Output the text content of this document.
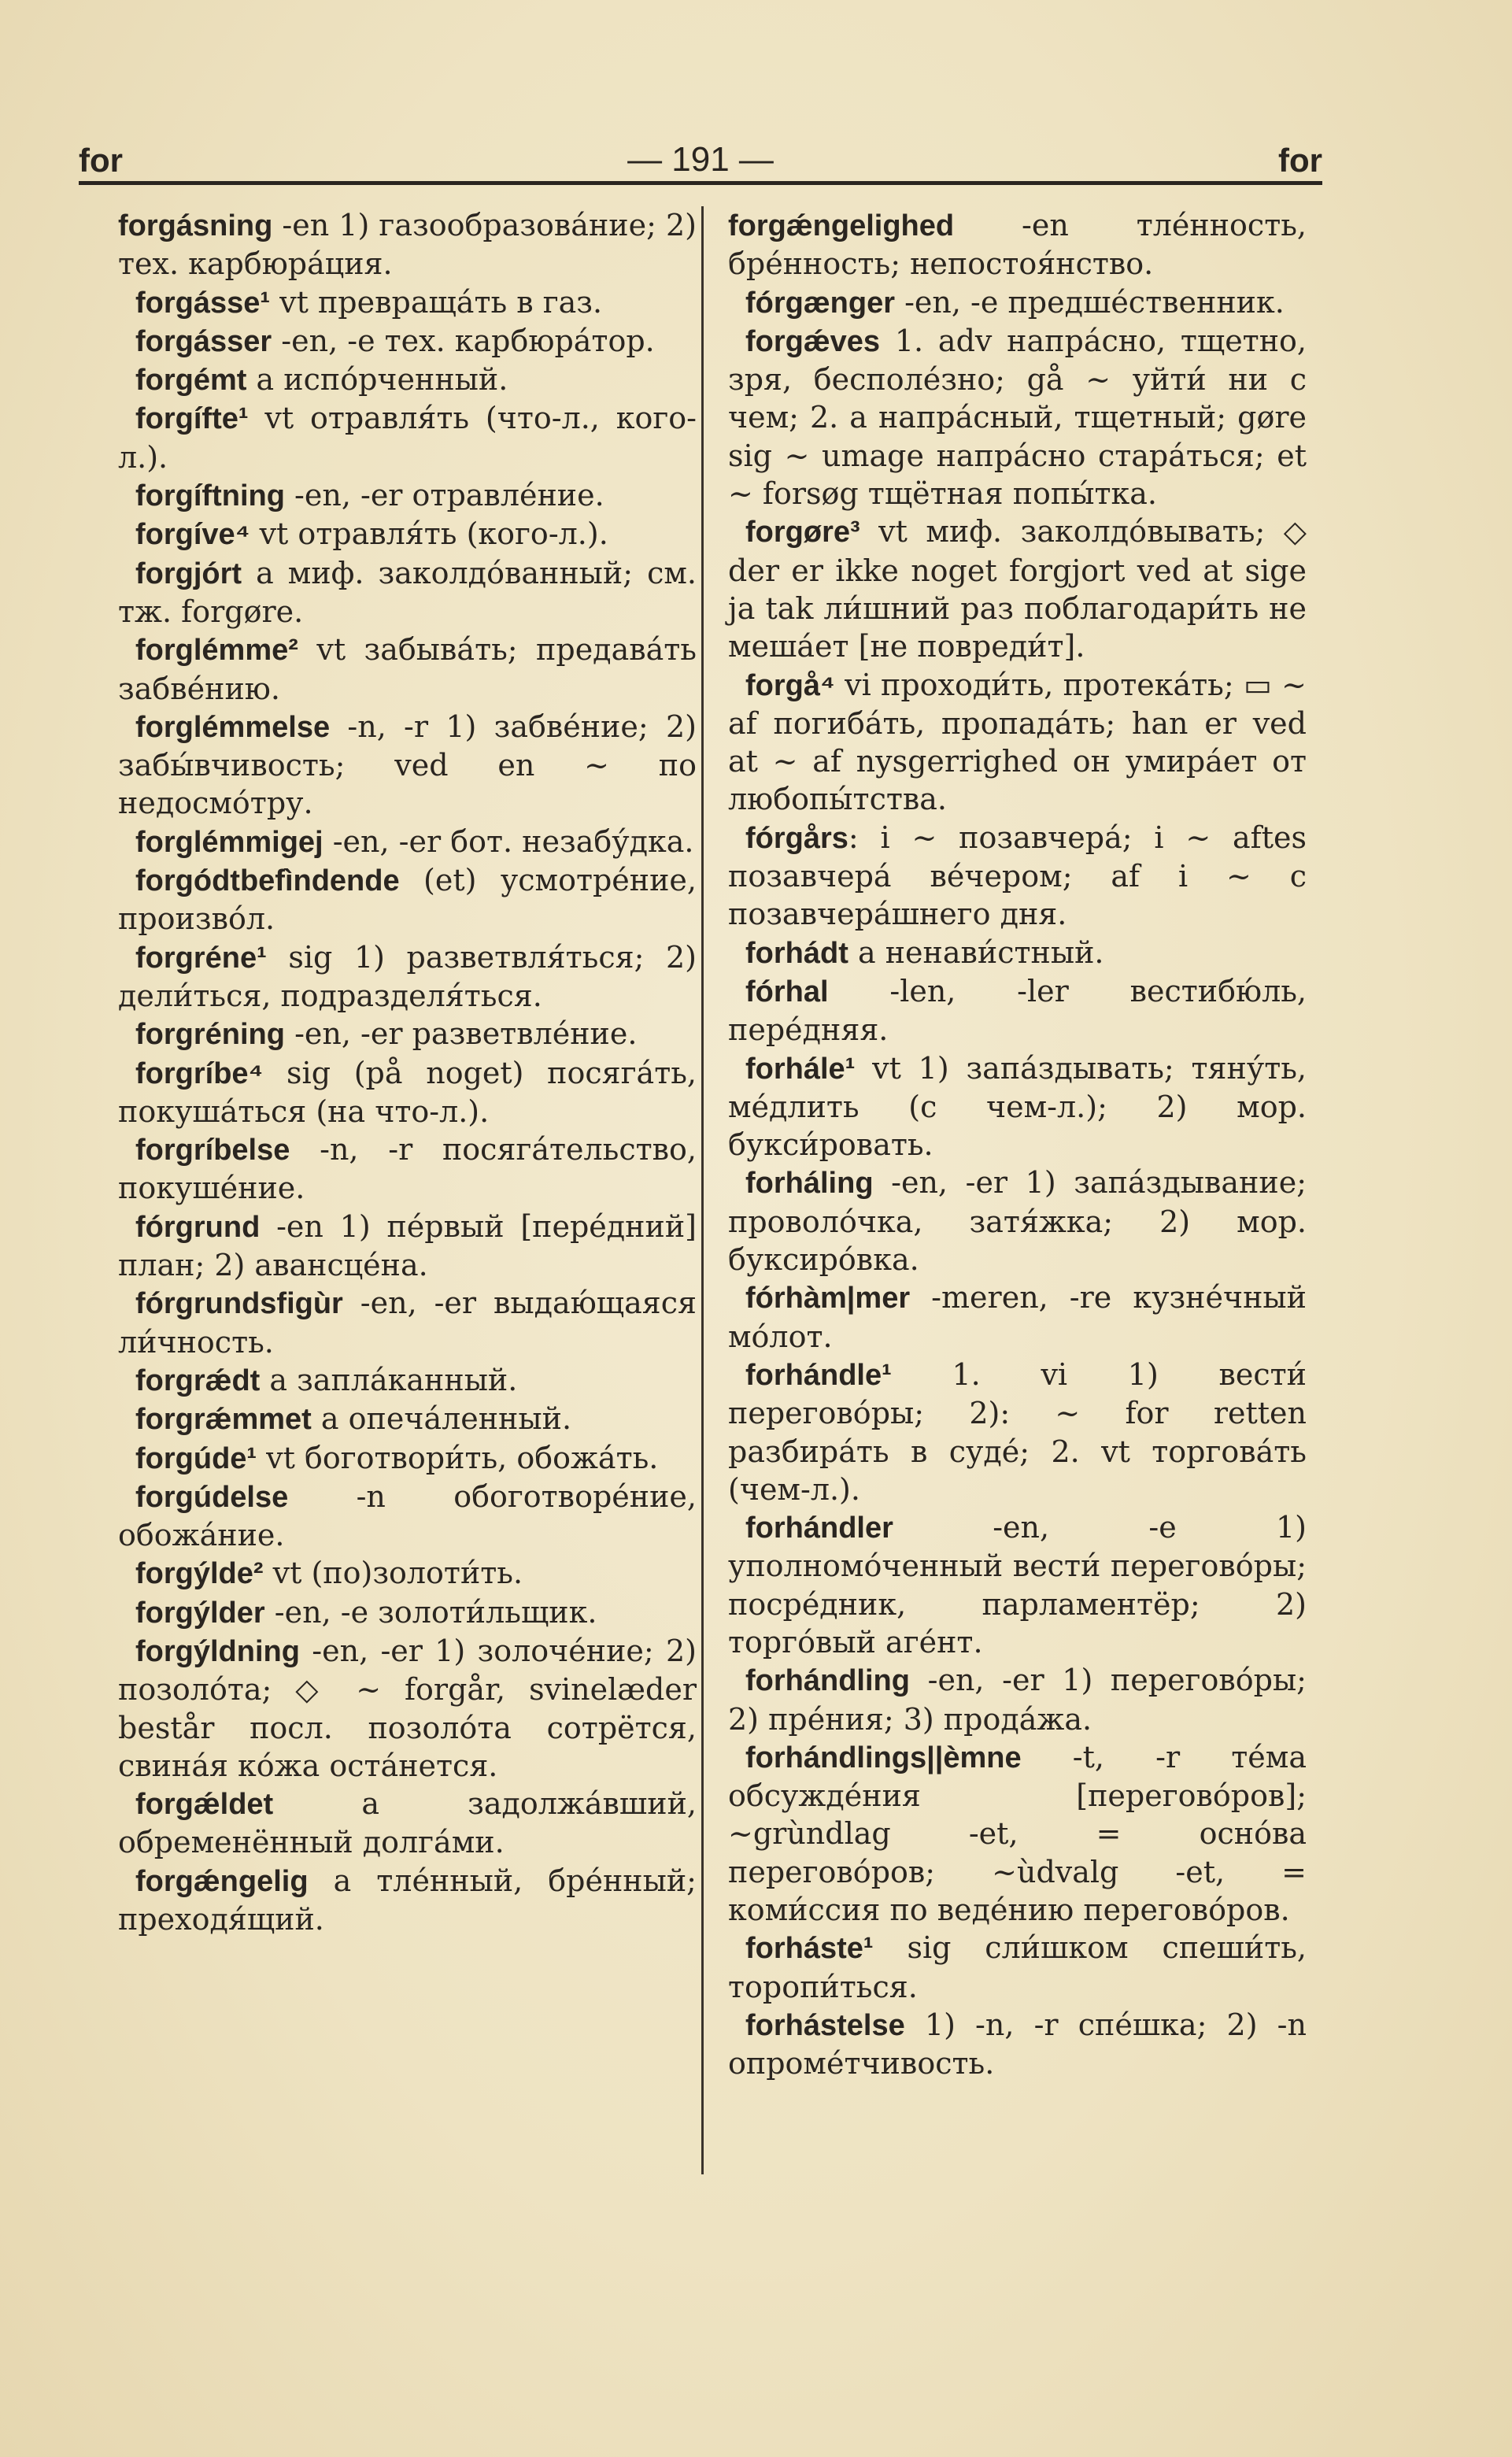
for	— 191 —	for

forgásning -en 1) газообразова́ние; 2) тех. карбюра́ция.

forgásse¹ vt превраща́ть в газ.

forgásser -en, -e тех. карбюра́тор.

forgémt a испо́рченный.

forgífte¹ vt отравля́ть (что-л., кого-л.).

forgíftning -en, -er отравле́ние.

forgíve⁴ vt отравля́ть (кого-л.).

forgjórt a миф. заколдо́ванный; см. тж. forgøre.

forglémme² vt забыва́ть; предава́ть забве́нию.

forglémmelse -n, -r 1) забве́ние; 2) забы́вчивость; ved en ~ по недосмо́тру.

forglémmigej -en, -er бот. незабу́дка.

forgódtbefìndende (et) усмотре́ние, произво́л.

forgréne¹ sig 1) разветвля́ться; 2) дели́ться, подразделя́ться.

forgréning -en, -er разветвле́ние.

forgríbe⁴ sig (på noget) посяга́ть, покуша́ться (на что-л.).

forgríbelse -n, -r посяга́тельство, покуше́ние.

fórgrund -en 1) пе́рвый [пере́дний] план; 2) авансце́на.

fórgrundsfigùr -en, -er выдаю́щаяся ли́чность.

forgrǽdt a запла́канный.

forgrǽmmet a опеча́ленный.

forgúde¹ vt боготвори́ть, обожа́ть.

forgúdelse -n обоготворе́ние, обожа́ние.

forgýlde² vt (по)золоти́ть.

forgýlder -en, -e золоти́льщик.

forgýldning -en, -er 1) золоче́ние; 2) позоло́та; ◇ ~ forgår, svinelæder består посл. позоло́та сотрётся, свина́я ко́жа оста́нется.

forgǽldet a задолжа́вший, обременённый долга́ми.

forgǽngelig a тле́нный, бре́нный; преходя́щий.

forgǽngelighed -en тле́нность, бре́нность; непостоя́нство.

fórgænger -en, -e предше́ственник.

forgǽves 1. adv напра́сно, тщетно, зря, бесполе́зно; gå ~ уйти́ ни с чем; 2. a напра́сный, тщетный; gøre sig ~ umage напра́сно стара́ться; et ~ forsøg тщётная попы́тка.

forgøre³ vt миф. заколдо́вывать; ◇ der er ikke noget forgjort ved at sige ja tak ли́шний раз поблагодари́ть не меша́ет [не повреди́т].

forgå⁴ vi проходи́ть, протека́ть; ▭ ~ af погиба́ть, пропада́ть; han er ved at ~ af nysgerrighed он умира́ет от любопы́тства.

fórgårs: i ~ позавчера́; i ~ aftes позавчера́ ве́чером; af i ~ с позавчера́шнего дня.

forhádt a ненави́стный.

fórhal -len, -ler вестибю́ль, пере́дняя.

forhále¹ vt 1) запа́здывать; тяну́ть, ме́длить (с чем-л.); 2) мор. букси́ровать.

forháling -en, -er 1) запа́здывание; проволо́чка, затя́жка; 2) мор. буксиро́вка.

fórhàm|mer -meren, -re кузне́чный мо́лот.

forhándle¹ 1. vi 1) вести́ перегово́ры; 2): ~ for retten разбира́ть в суде́; 2. vt торгова́ть (чем-л.).

forhándler -en, -e 1) уполномо́ченный вести́ перегово́ры; посре́дник, парламентёр; 2) торго́вый аге́нт.

forhándling -en, -er 1) перегово́ры; 2) пре́ния; 3) прода́жа.

forhándlings||èmne -t, -r те́ма обсужде́ния [перегово́ров]; ~grùndlag -et, = осно́ва перегово́ров; ~ùdvalg -et, = коми́ссия по веде́нию перегово́ров.

forháste¹ sig сли́шком спеши́ть, торопи́ться.

forhástelse 1) -n, -r спе́шка; 2) -n опроме́тчивость.
